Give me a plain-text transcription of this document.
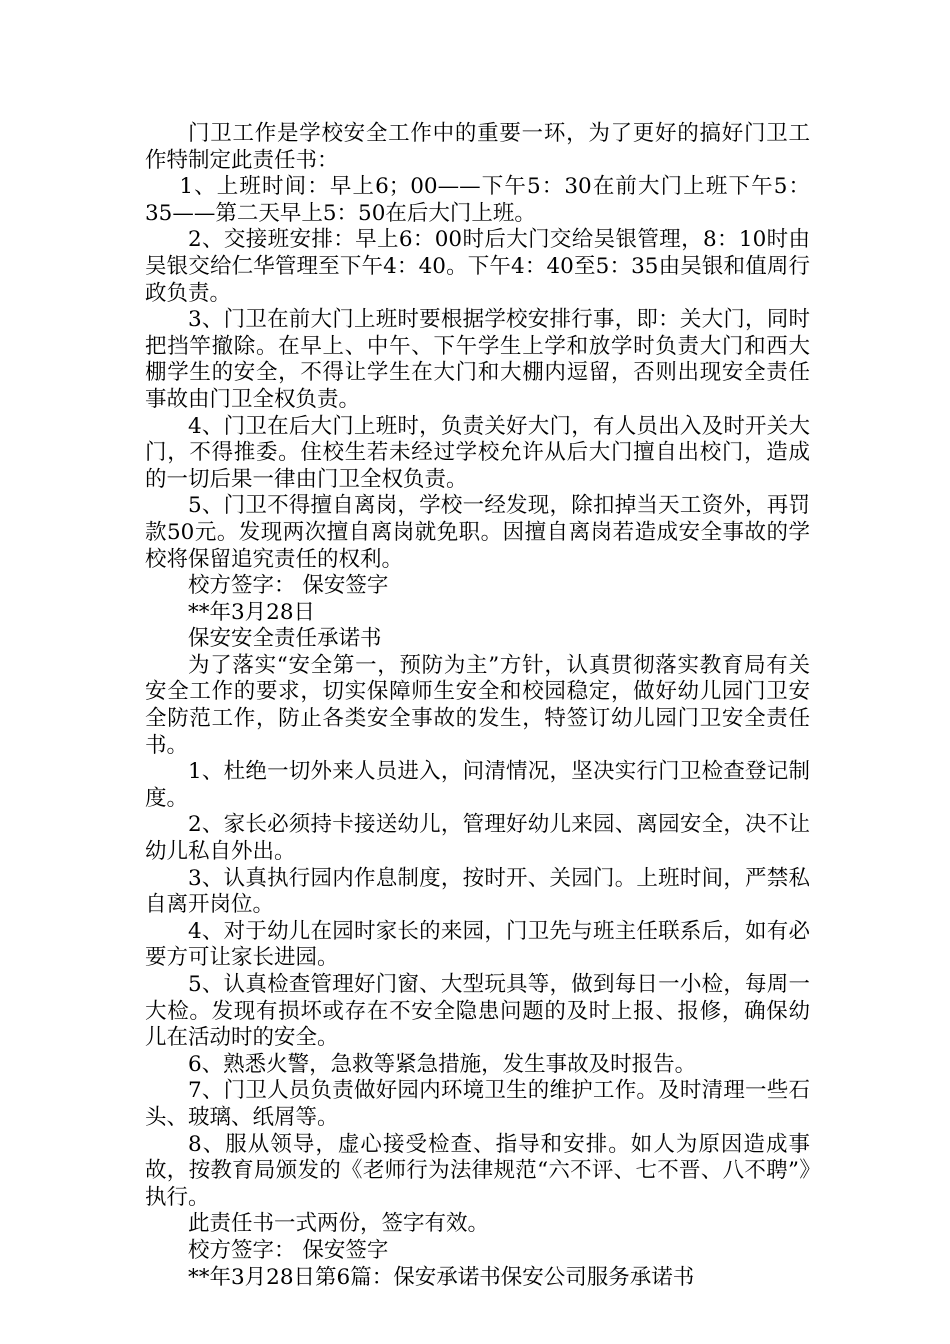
门卫工作是学校安全工作中的重要一环，为了更好的搞好门卫工作特制定此责任书：

1、上班时间：早上6；00——下午5：30在前大门上班下午5：35——第二天早上5：50在后大门上班。

2、交接班安排：早上6：00时后大门交给吴银管理，8：10时由吴银交给仁华管理至下午4：40。下午4：40至5：35由吴银和值周行政负责。

3、门卫在前大门上班时要根据学校安排行事，即：关大门，同时把挡竿撤除。在早上、中午、下午学生上学和放学时负责大门和西大棚学生的安全，不得让学生在大门和大棚内逗留，否则出现安全责任事故由门卫全权负责。

4、门卫在后大门上班时，负责关好大门，有人员出入及时开关大门，不得推委。住校生若未经过学校允许从后大门擅自出校门，造成的一切后果一律由门卫全权负责。

5、门卫不得擅自离岗，学校一经发现，除扣掉当天工资外，再罚款50元。发现两次擅自离岗就免职。因擅自离岗若造成安全事故的学校将保留追究责任的权利。

校方签字： 保安签字

**年3月28日

保安安全责任承诺书

为了落实“安全第一，预防为主”方针，认真贯彻落实教育局有关安全工作的要求，切实保障师生安全和校园稳定，做好幼儿园门卫安全防范工作，防止各类安全事故的发生，特签订幼儿园门卫安全责任书。

1、杜绝一切外来人员进入，问清情况，坚决实行门卫检查登记制度。

2、家长必须持卡接送幼儿，管理好幼儿来园、离园安全，决不让幼儿私自外出。

3、认真执行园内作息制度，按时开、关园门。上班时间，严禁私自离开岗位。

4、对于幼儿在园时家长的来园，门卫先与班主任联系后，如有必要方可让家长进园。

5、认真检查管理好门窗、大型玩具等，做到每日一小检，每周一大检。发现有损坏或存在不安全隐患问题的及时上报、报修，确保幼儿在活动时的安全。

6、熟悉火警，急救等紧急措施，发生事故及时报告。

7、门卫人员负责做好园内环境卫生的维护工作。及时清理一些石头、玻璃、纸屑等。

8、服从领导，虚心接受检查、指导和安排。如人为原因造成事故，按教育局颁发的《老师行为法律规范“六不评、七不晋、八不聘”》执行。

此责任书一式两份，签字有效。

校方签字： 保安签字

**年3月28日第6篇：保安承诺书保安公司服务承诺书
